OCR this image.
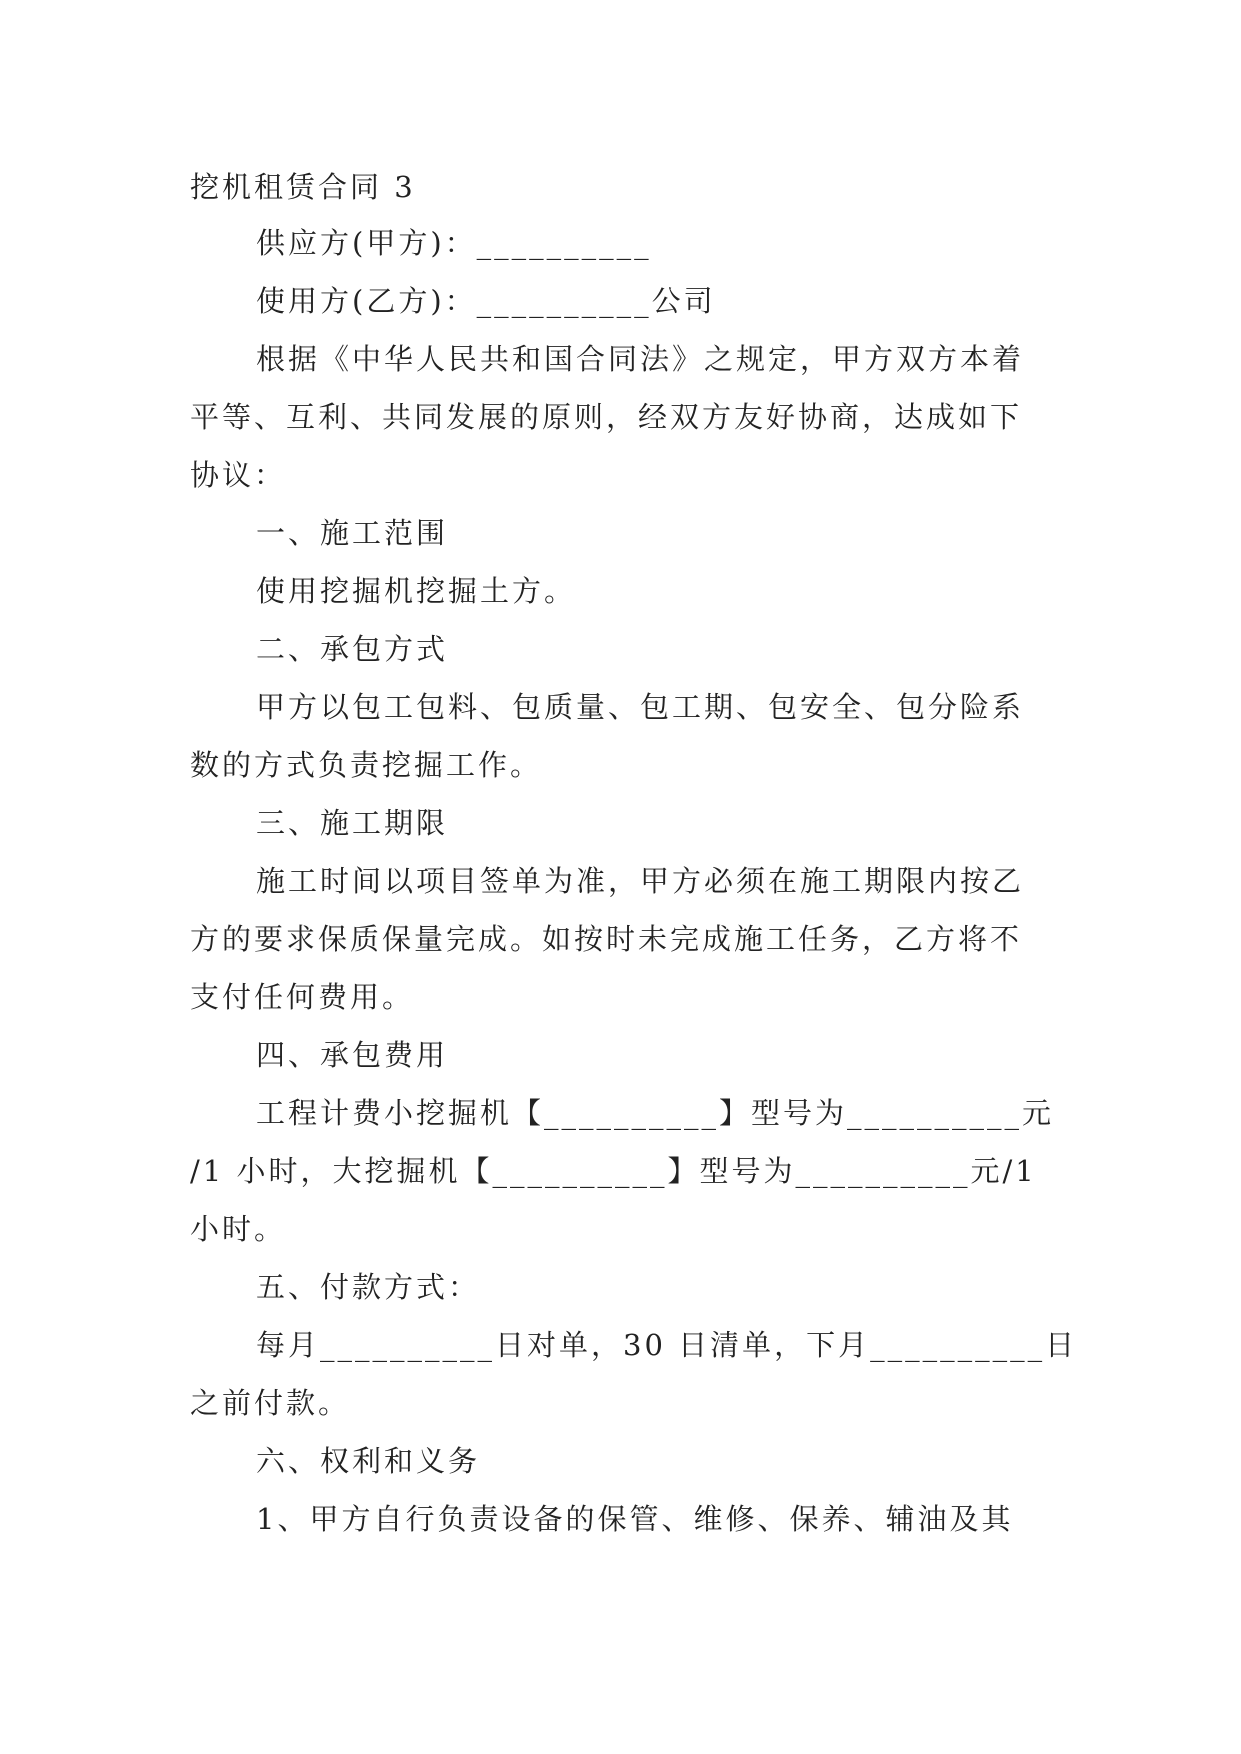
挖机租赁合同 3
供应方(甲方)：__________
使用方(乙方)：__________公司
根据《中华人民共和国合同法》之规定，甲方双方本着
平等、互利、共同发展的原则，经双方友好协商，达成如下
协议：
一、施工范围
使用挖掘机挖掘土方。
二、承包方式
甲方以包工包料、包质量、包工期、包安全、包分险系
数的方式负责挖掘工作。
三、施工期限
施工时间以项目签单为准，甲方必须在施工期限内按乙
方的要求保质保量完成。如按时未完成施工任务，乙方将不
支付任何费用。
四、承包费用
工程计费小挖掘机【__________】型号为__________元
/1 小时，大挖掘机【__________】型号为__________元/1
小时。
五、付款方式：
每月__________日对单，30 日清单，下月__________日
之前付款。
六、权利和义务
1、甲方自行负责设备的保管、维修、保养、辅油及其
